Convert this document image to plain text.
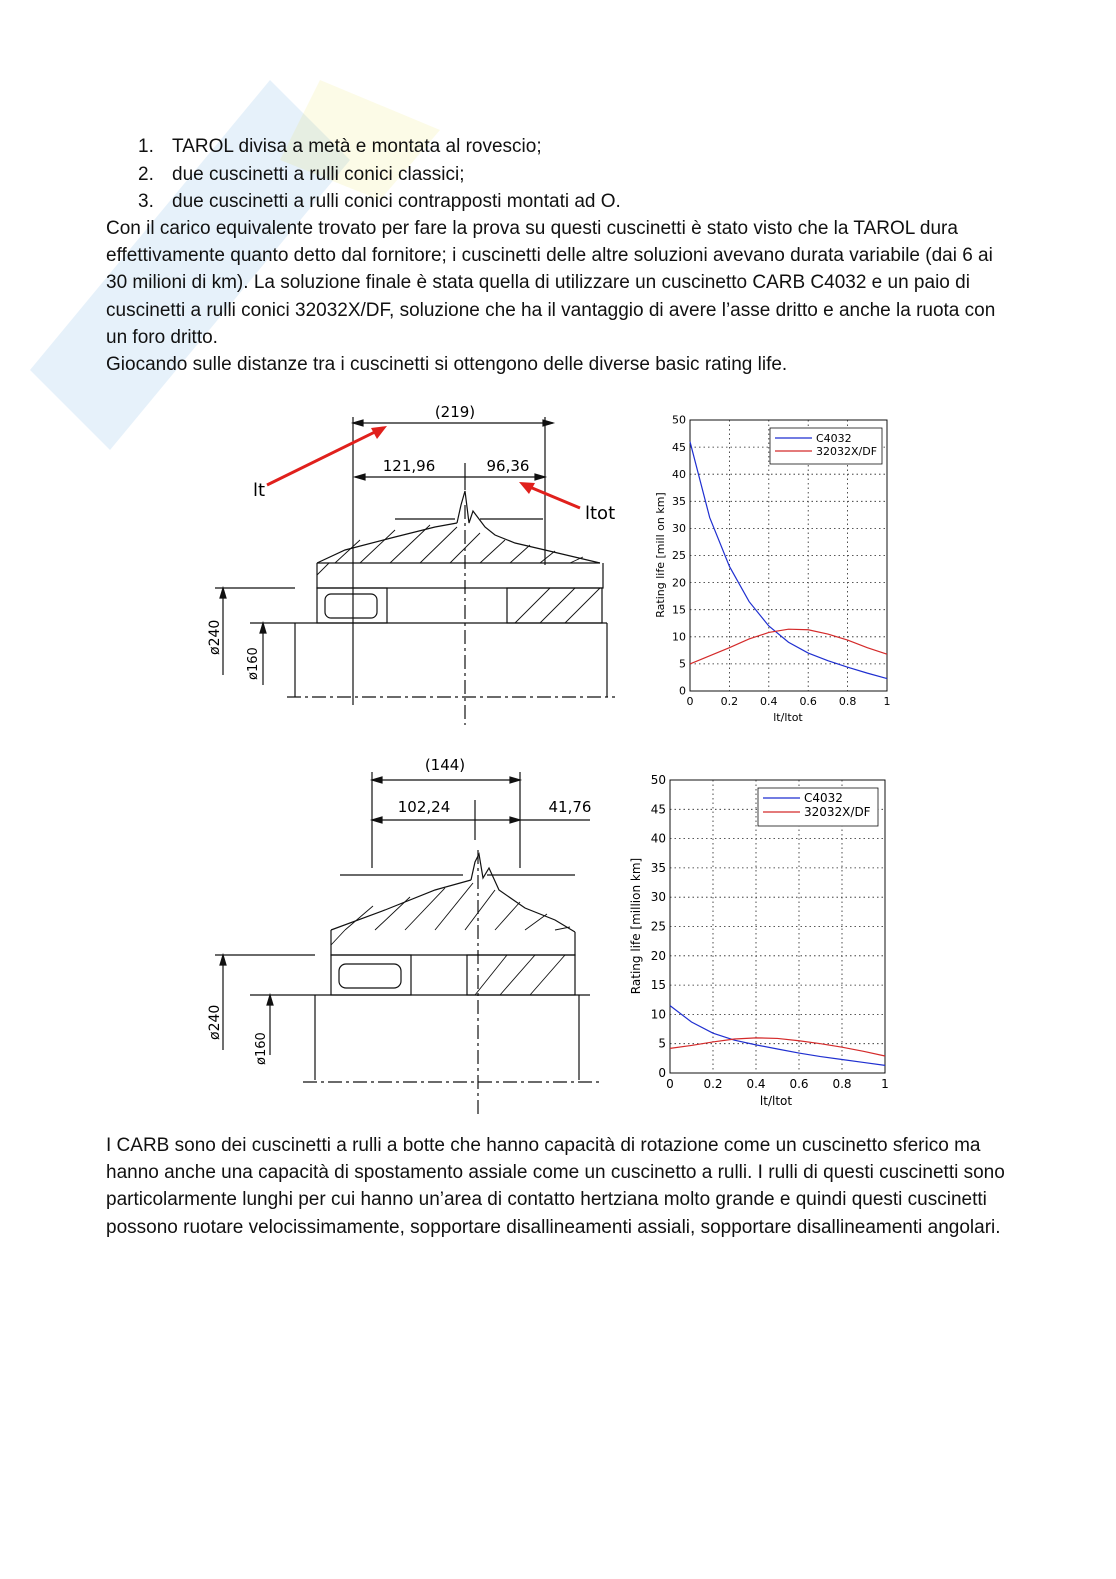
1. TAROL divisa a metà e montata al rovescio;
2. due cuscinetti a rulli conici classici;
3. due cuscinetti a rulli conici contrapposti montati ad O.

Con il carico equivalente trovato per fare la prova su questi cuscinetti è stato visto che la TAROL dura effettivamente quanto detto dal fornitore; i cuscinetti delle altre soluzioni avevano durata variabile (dai 6 ai 30 milioni di km). La soluzione finale è stata quella di utilizzare un cuscinetto CARB C4032 e un paio di cuscinetti a rulli conici 32032X/DF, soluzione che ha il vantaggio di avere l’asse dritto e anche la ruota con un foro dritto.

Giocando sulle distanze tra i cuscinetti si ottengono delle diverse basic rating life.

(219)
121,96	96,36
ø240
ø160
lt
ltot
(144)
102,24	41,76
ø240
ø160
0
5
10
15
20
25
30
35
40
45
50
0 0.2 0.4 0.6 0.8 1
C4032
32032X/DF
lt/ltot
Rating life [mill on km]
0
5
10
15
20
25
30
35
40
45
50
0 0.2 0.4 0.6 0.8 1
C4032
32032X/DF
lt/ltot
Rating life [million km]

I CARB sono dei cuscinetti a rulli a botte che hanno capacità di rotazione come un cuscinetto sferico ma hanno anche una capacità di spostamento assiale come un cuscinetto a rulli. I rulli di questi cuscinetti sono particolarmente lunghi per cui hanno un’area di contatto hertziana molto grande e quindi questi cuscinetti possono ruotare velocissimamente, sopportare disallineamenti assiali, sopportare disallineamenti angolari.
